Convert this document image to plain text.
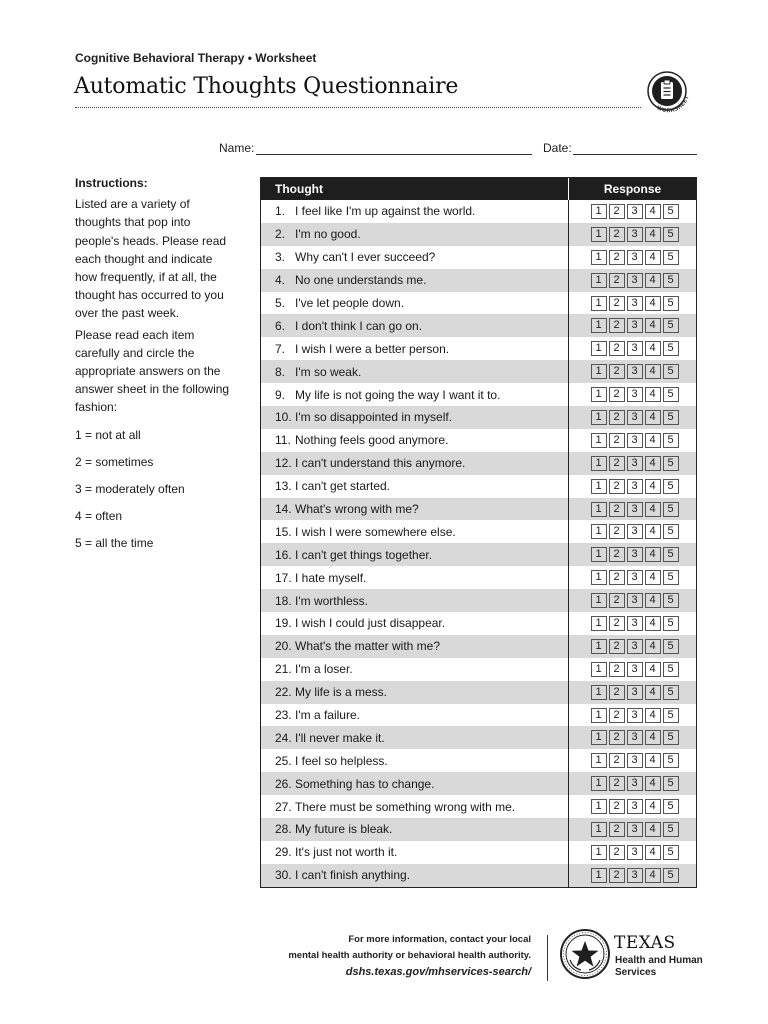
Cognitive Behavioral Therapy • Worksheet
Automatic Thoughts Questionnaire
WORKSHEET
Name:	Date:
Instructions:

Listed are a variety of thoughts that pop into people's heads. Please read each thought and indicate how frequently, if at all, the thought has occurred to you over the past week.

Please read each item carefully and circle the appropriate answers on the answer sheet in the following fashion:

1 = not at all
2 = sometimes
3 = moderately often
4 = often
5 = all the time
Thought	Response
1. I feel like I'm up against the world.	1	2	3	4	5
2. I'm no good.	1	2	3	4	5
3. Why can't I ever succeed?	1	2	3	4	5
4. No one understands me.	1	2	3	4	5
5. I've let people down.	1	2	3	4	5
6. I don't think I can go on.	1	2	3	4	5
7. I wish I were a better person.	1	2	3	4	5
8. I'm so weak.	1	2	3	4	5
9. My life is not going the way I want it to.	1	2	3	4	5
10. I'm so disappointed in myself.	1	2	3	4	5
11. Nothing feels good anymore.	1	2	3	4	5
12. I can't understand this anymore.	1	2	3	4	5
13. I can't get started.	1	2	3	4	5
14. What's wrong with me?	1	2	3	4	5
15. I wish I were somewhere else.	1	2	3	4	5
16. I can't get things together.	1	2	3	4	5
17. I hate myself.	1	2	3	4	5
18. I'm worthless.	1	2	3	4	5
19. I wish I could just disappear.	1	2	3	4	5
20. What's the matter with me?	1	2	3	4	5
21. I'm a loser.	1	2	3	4	5
22. My life is a mess.	1	2	3	4	5
23. I'm a failure.	1	2	3	4	5
24. I'll never make it.	1	2	3	4	5
25. I feel so helpless.	1	2	3	4	5
26. Something has to change.	1	2	3	4	5
27. There must be something wrong with me.	1	2	3	4	5
28. My future is bleak.	1	2	3	4	5
29. It's just not worth it.	1	2	3	4	5
30. I can't finish anything.	1	2	3	4	5
For more information, contact your local
mental health authority or behavioral health authority.
dshs.texas.gov/mhservices-search/
TEXAS
Health and Human
Services
